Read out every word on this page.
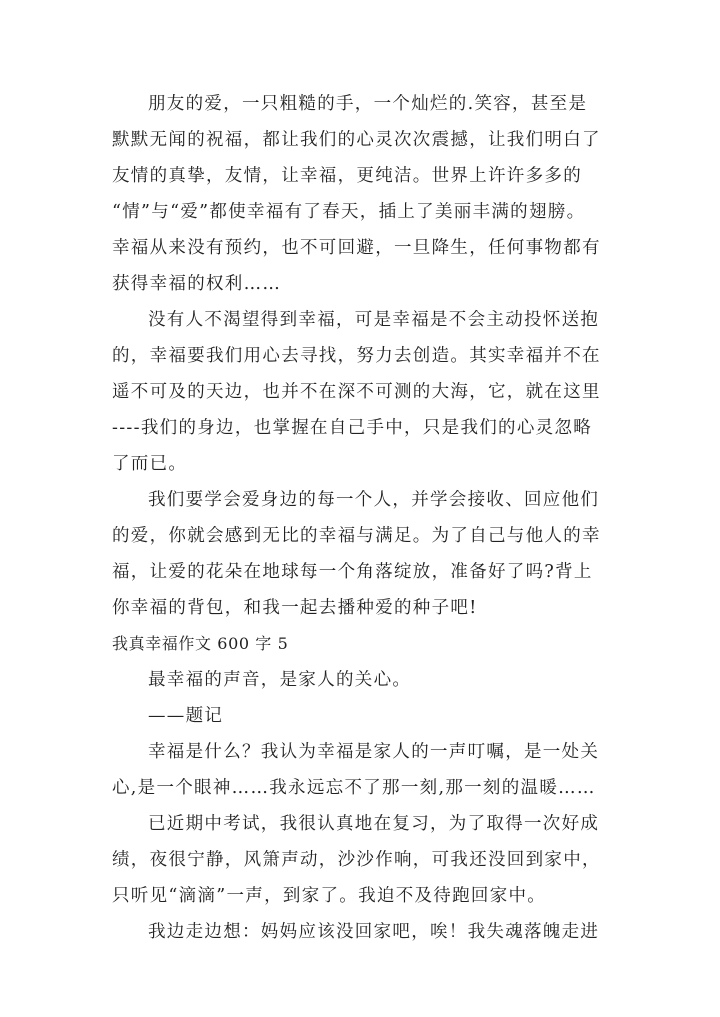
朋友的爱，一只粗糙的手，一个灿烂的.笑容，甚至是
默默无闻的祝福，都让我们的心灵次次震撼，让我们明白了
友情的真挚，友情，让幸福，更纯洁。世界上许许多多的
“情”与“爱”都使幸福有了春天，插上了美丽丰满的翅膀。
幸福从来没有预约，也不可回避，一旦降生，任何事物都有
获得幸福的权利……
没有人不渴望得到幸福，可是幸福是不会主动投怀送抱
的，幸福要我们用心去寻找，努力去创造。其实幸福并不在
遥不可及的天边，也并不在深不可测的大海，它，就在这里
----我们的身边，也掌握在自己手中，只是我们的心灵忽略
了而已。
我们要学会爱身边的每一个人，并学会接收、回应他们
的爱，你就会感到无比的幸福与满足。为了自己与他人的幸
福，让爱的花朵在地球每一个角落绽放，准备好了吗?背上
你幸福的背包，和我一起去播种爱的种子吧!
我真幸福作文 600 字 5
最幸福的声音，是家人的关心。
——题记
幸福是什么？我认为幸福是家人的一声叮嘱，是一处关
心,是一个眼神……我永远忘不了那一刻,那一刻的温暖……
已近期中考试，我很认真地在复习，为了取得一次好成
绩，夜很宁静，风箫声动，沙沙作响，可我还没回到家中，
只听见“滴滴”一声，到家了。我迫不及待跑回家中。
我边走边想：妈妈应该没回家吧，唉！我失魂落魄走进
